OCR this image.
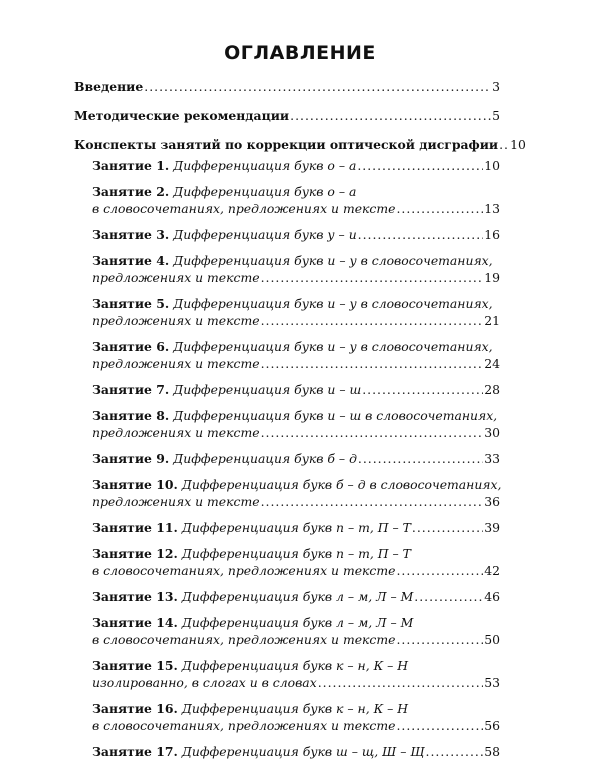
ОГЛАВЛЕНИЕ
Введение .....	3
Методические рекомендации .....	5
Конспекты занятий по коррекции оптической дисграфии ..... 10
Занятие 1. Дифференциация букв о – а .....	10
Занятие 2. Дифференциация букв о – а
в словосочетаниях, предложениях и тексте .....	13
Занятие 3. Дифференциация букв у – и .....	16
Занятие 4. Дифференциация букв и – у в словосочетаниях,
предложениях и тексте .....	19
Занятие 5. Дифференциация букв и – у в словосочетаниях,
предложениях и тексте .....	21
Занятие 6. Дифференциация букв и – у в словосочетаниях,
предложениях и тексте .....	24
Занятие 7. Дифференциация букв и – ш .....	28
Занятие 8. Дифференциация букв и – ш в словосочетаниях,
предложениях и тексте .....	30
Занятие 9. Дифференциация букв б – д .....	33
Занятие 10. Дифференциация букв б – д в словосочетаниях,
предложениях и тексте .....	36
Занятие 11. Дифференциация букв п – т, П – Т .....	39
Занятие 12. Дифференциация букв п – т, П – Т
в словосочетаниях, предложениях и тексте .....	42
Занятие 13. Дифференциация букв л – м, Л – М .....	46
Занятие 14. Дифференциация букв л – м, Л – М
в словосочетаниях, предложениях и тексте .....	50
Занятие 15. Дифференциация букв к – н, К – Н
изолированно, в слогах и в словах .....	53
Занятие 16. Дифференциация букв к – н, К – Н
в словосочетаниях, предложениях и тексте .....	56
Занятие 17. Дифференциация букв ш – щ, Ш – Щ .....	58
